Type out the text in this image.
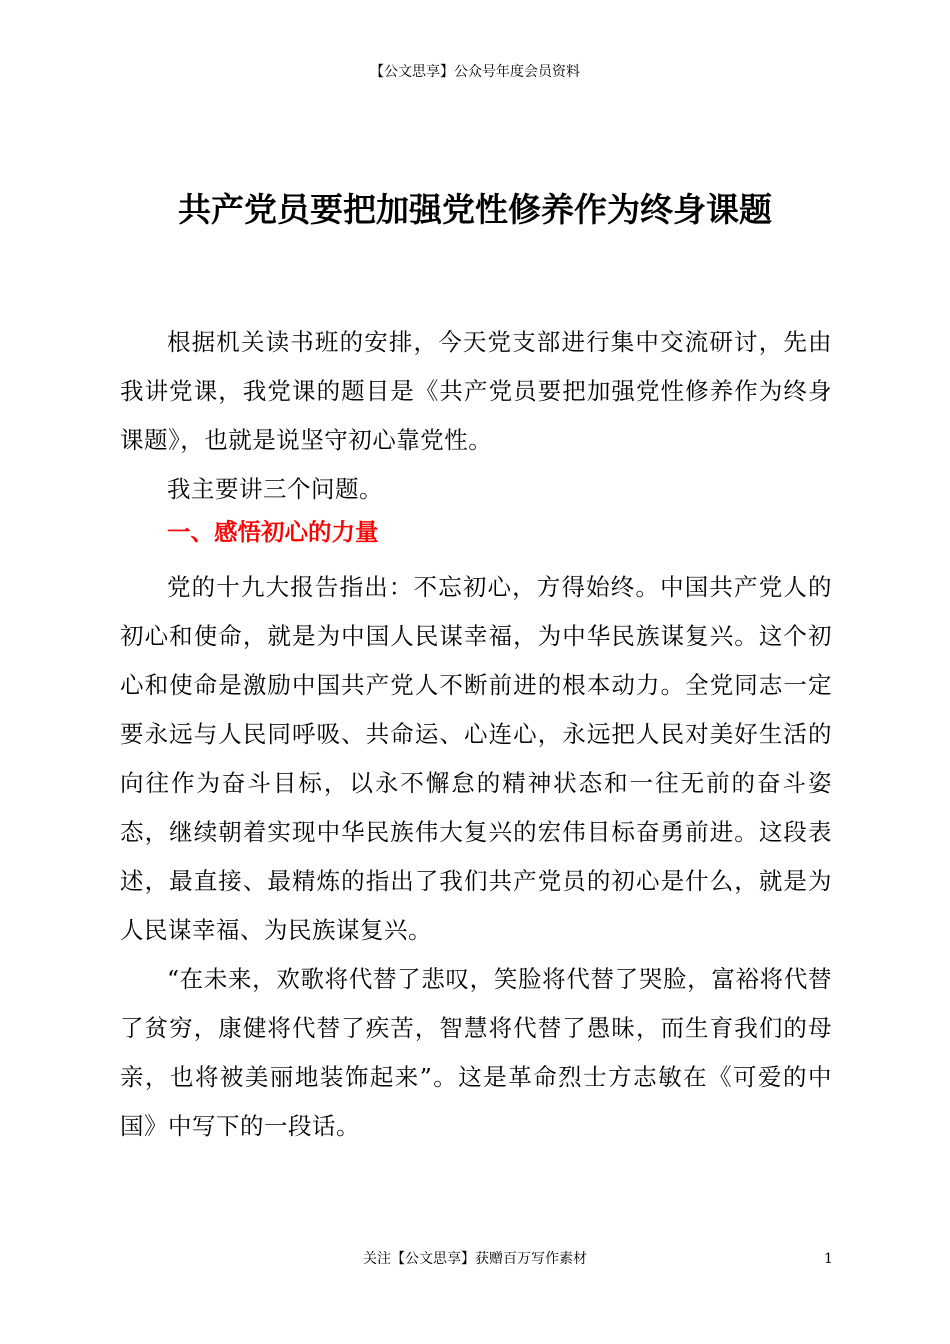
【公文思享】公众号年度会员资料
共产党员要把加强党性修养作为终身课题

根据机关读书班的安排，今天党支部进行集中交流研讨，先由我讲党课，我党课的题目是《共产党员要把加强党性修养作为终身课题》，也就是说坚守初心靠党性。

我主要讲三个问题。

一、感悟初心的力量

党的十九大报告指出：不忘初心，方得始终。中国共产党人的初心和使命，就是为中国人民谋幸福，为中华民族谋复兴。这个初心和使命是激励中国共产党人不断前进的根本动力。全党同志一定要永远与人民同呼吸、共命运、心连心，永远把人民对美好生活的向往作为奋斗目标，以永不懈怠的精神状态和一往无前的奋斗姿态，继续朝着实现中华民族伟大复兴的宏伟目标奋勇前进。这段表述，最直接、最精炼的指出了我们共产党员的初心是什么，就是为人民谋幸福、为民族谋复兴。

“在未来，欢歌将代替了悲叹，笑脸将代替了哭脸，富裕将代替了贫穷，康健将代替了疾苦，智慧将代替了愚昧，而生育我们的母亲，也将被美丽地装饰起来”。这是革命烈士方志敏在《可爱的中国》中写下的一段话。

关注【公文思享】获赠百万写作素材	1
